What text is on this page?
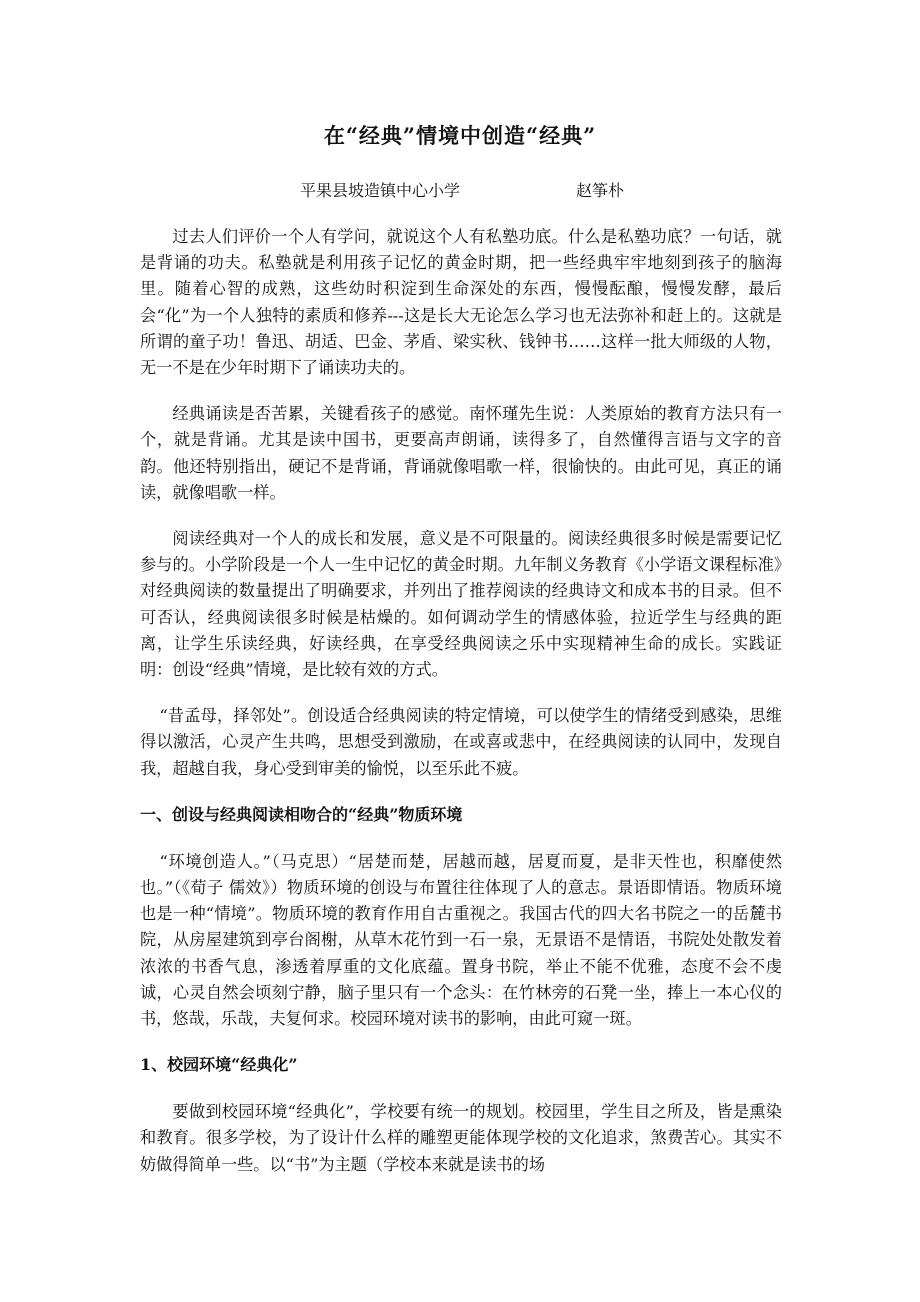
在“经典”情境中创造“经典”
平果县坡造镇中心小学	赵筝朴

过去人们评价一个人有学问，就说这个人有私塾功底。什么是私塾功底？一句话，就是背诵的功夫。私塾就是利用孩子记忆的黄金时期，把一些经典牢牢地刻到孩子的脑海里。随着心智的成熟，这些幼时积淀到生命深处的东西，慢慢酝酿，慢慢发酵，最后会“化”为一个人独特的素质和修养---这是长大无论怎么学习也无法弥补和赶上的。这就是所谓的童子功！鲁迅、胡适、巴金、茅盾、梁实秋、钱钟书……这样一批大师级的人物，无一不是在少年时期下了诵读功夫的。

经典诵读是否苦累，关键看孩子的感觉。南怀瑾先生说：人类原始的教育方法只有一个，就是背诵。尤其是读中国书，更要高声朗诵，读得多了，自然懂得言语与文字的音韵。他还特别指出，硬记不是背诵，背诵就像唱歌一样，很愉快的。由此可见，真正的诵读，就像唱歌一样。

阅读经典对一个人的成长和发展，意义是不可限量的。阅读经典很多时候是需要记忆参与的。小学阶段是一个人一生中记忆的黄金时期。九年制义务教育《小学语文课程标准》对经典阅读的数量提出了明确要求，并列出了推荐阅读的经典诗文和成本书的目录。但不可否认，经典阅读很多时候是枯燥的。如何调动学生的情感体验，拉近学生与经典的距离，让学生乐读经典，好读经典，在享受经典阅读之乐中实现精神生命的成长。实践证明：创设“经典”情境，是比较有效的方式。

“昔孟母，择邻处”。创设适合经典阅读的特定情境，可以使学生的情绪受到感染，思维得以激活，心灵产生共鸣，思想受到激励，在或喜或悲中，在经典阅读的认同中，发现自我，超越自我，身心受到审美的愉悦，以至乐此不疲。

一、创设与经典阅读相吻合的“经典”物质环境

“环境创造人。”（马克思）“居楚而楚，居越而越，居夏而夏，是非天性也，积靡使然也。”（《荀子 儒效》）物质环境的创设与布置往往体现了人的意志。景语即情语。物质环境也是一种“情境”。物质环境的教育作用自古重视之。我国古代的四大名书院之一的岳麓书院，从房屋建筑到亭台阁榭，从草木花竹到一石一泉，无景语不是情语，书院处处散发着浓浓的书香气息，渗透着厚重的文化底蕴。置身书院，举止不能不优雅，态度不会不虔诚，心灵自然会顷刻宁静，脑子里只有一个念头：在竹林旁的石凳一坐，捧上一本心仪的书，悠哉，乐哉，夫复何求。校园环境对读书的影响，由此可窥一斑。

1、校园环境“经典化”

要做到校园环境“经典化”，学校要有统一的规划。校园里，学生目之所及，皆是熏染和教育。很多学校，为了设计什么样的雕塑更能体现学校的文化追求，煞费苦心。其实不妨做得简单一些。以“书”为主题（学校本来就是读书的场
